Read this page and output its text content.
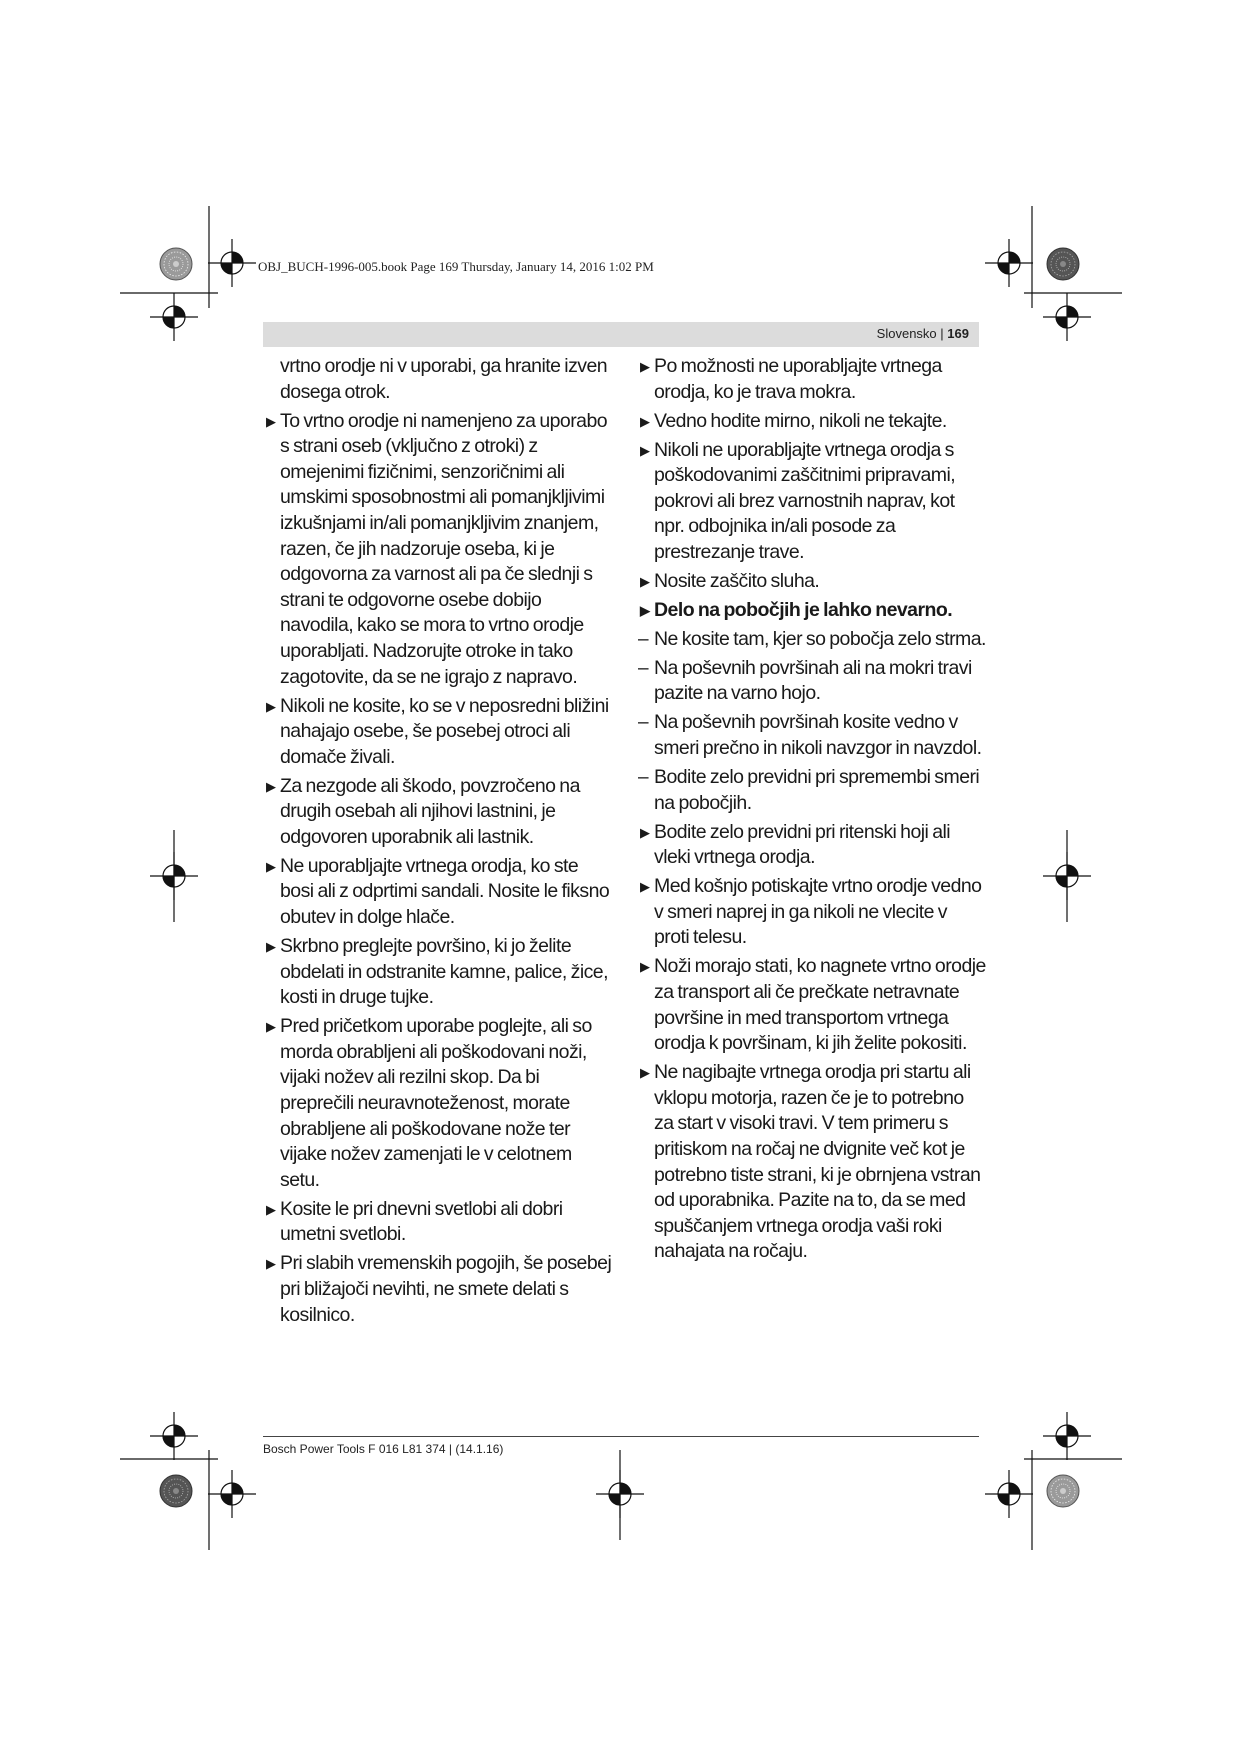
OBJ_BUCH-1996-005.book Page 169 Thursday, January 14, 2016 1:02 PM
Slovensko | 169
vrtno orodje ni v uporabi, ga hranite izven dosega otrok.
▶ To vrtno orodje ni namenjeno za uporabo s strani oseb (vključno z otroki) z omejenimi fizičnimi, senzoričnimi ali umskimi sposobnostmi ali pomanjkljivimi izkušnjami in/ali pomanjkljivim znanjem, razen, če jih nadzoruje oseba, ki je odgovorna za varnost ali pa če slednji s strani te odgovorne osebe dobijo navodila, kako se mora to vrtno orodje uporabljati. Nadzorujte otroke in tako zagotovite, da se ne igrajo z napravo.
▶ Nikoli ne kosite, ko se v neposredni bližini nahajajo osebe, še posebej otroci ali domače živali.
▶ Za nezgode ali škodo, povzročeno na drugih osebah ali njihovi lastnini, je odgovoren uporabnik ali lastnik.
▶ Ne uporabljajte vrtnega orodja, ko ste bosi ali z odprtimi sandali. Nosite le fiksno obutev in dolge hlače.
▶ Skrbno preglejte površino, ki jo želite obdelati in odstranite kamne, palice, žice, kosti in druge tujke.
▶ Pred pričetkom uporabe poglejte, ali so morda obrabljeni ali poškodovani noži, vijaki nožev ali rezilni skop. Da bi preprečili neuravnoteženost, morate obrabljene ali poškodovane nože ter vijake nožev zamenjati le v celotnem setu.
▶ Kosite le pri dnevni svetlobi ali dobri umetni svetlobi.
▶ Pri slabih vremenskih pogojih, še posebej pri bližajoči nevihti, ne smete delati s kosilnico.
▶ Po možnosti ne uporabljajte vrtnega orodja, ko je trava mokra.
▶ Vedno hodite mirno, nikoli ne tekajte.
▶ Nikoli ne uporabljajte vrtnega orodja s poškodovanimi zaščitnimi pripravami, pokrovi ali brez varnostnih naprav, kot npr. odbojnika in/ali posode za prestrezanje trave.
▶ Nosite zaščito sluha.
▶ Delo na pobočjih je lahko nevarno.
– Ne kosite tam, kjer so pobočja zelo strma.
– Na poševnih površinah ali na mokri travi pazite na varno hojo.
– Na poševnih površinah kosite vedno v smeri prečno in nikoli navzgor in navzdol.
– Bodite zelo previdni pri spremembi smeri na pobočjih.
▶ Bodite zelo previdni pri ritenski hoji ali vleki vrtnega orodja.
▶ Med košnjo potiskajte vrtno orodje vedno v smeri naprej in ga nikoli ne vlecite v proti telesu.
▶ Noži morajo stati, ko nagnete vrtno orodje za transport ali če prečkate netravnate površine in med transportom vrtnega orodja k površinam, ki jih želite pokositi.
▶ Ne nagibajte vrtnega orodja pri startu ali vklopu motorja, razen če je to potrebno za start v visoki travi. V tem primeru s pritiskom na ročaj ne dvignite več kot je potrebno tiste strani, ki je obrnjena vstran od uporabnika. Pazite na to, da se med spuščanjem vrtnega orodja vaši roki nahajata na ročaju.
Bosch Power Tools F 016 L81 374 | (14.1.16)
